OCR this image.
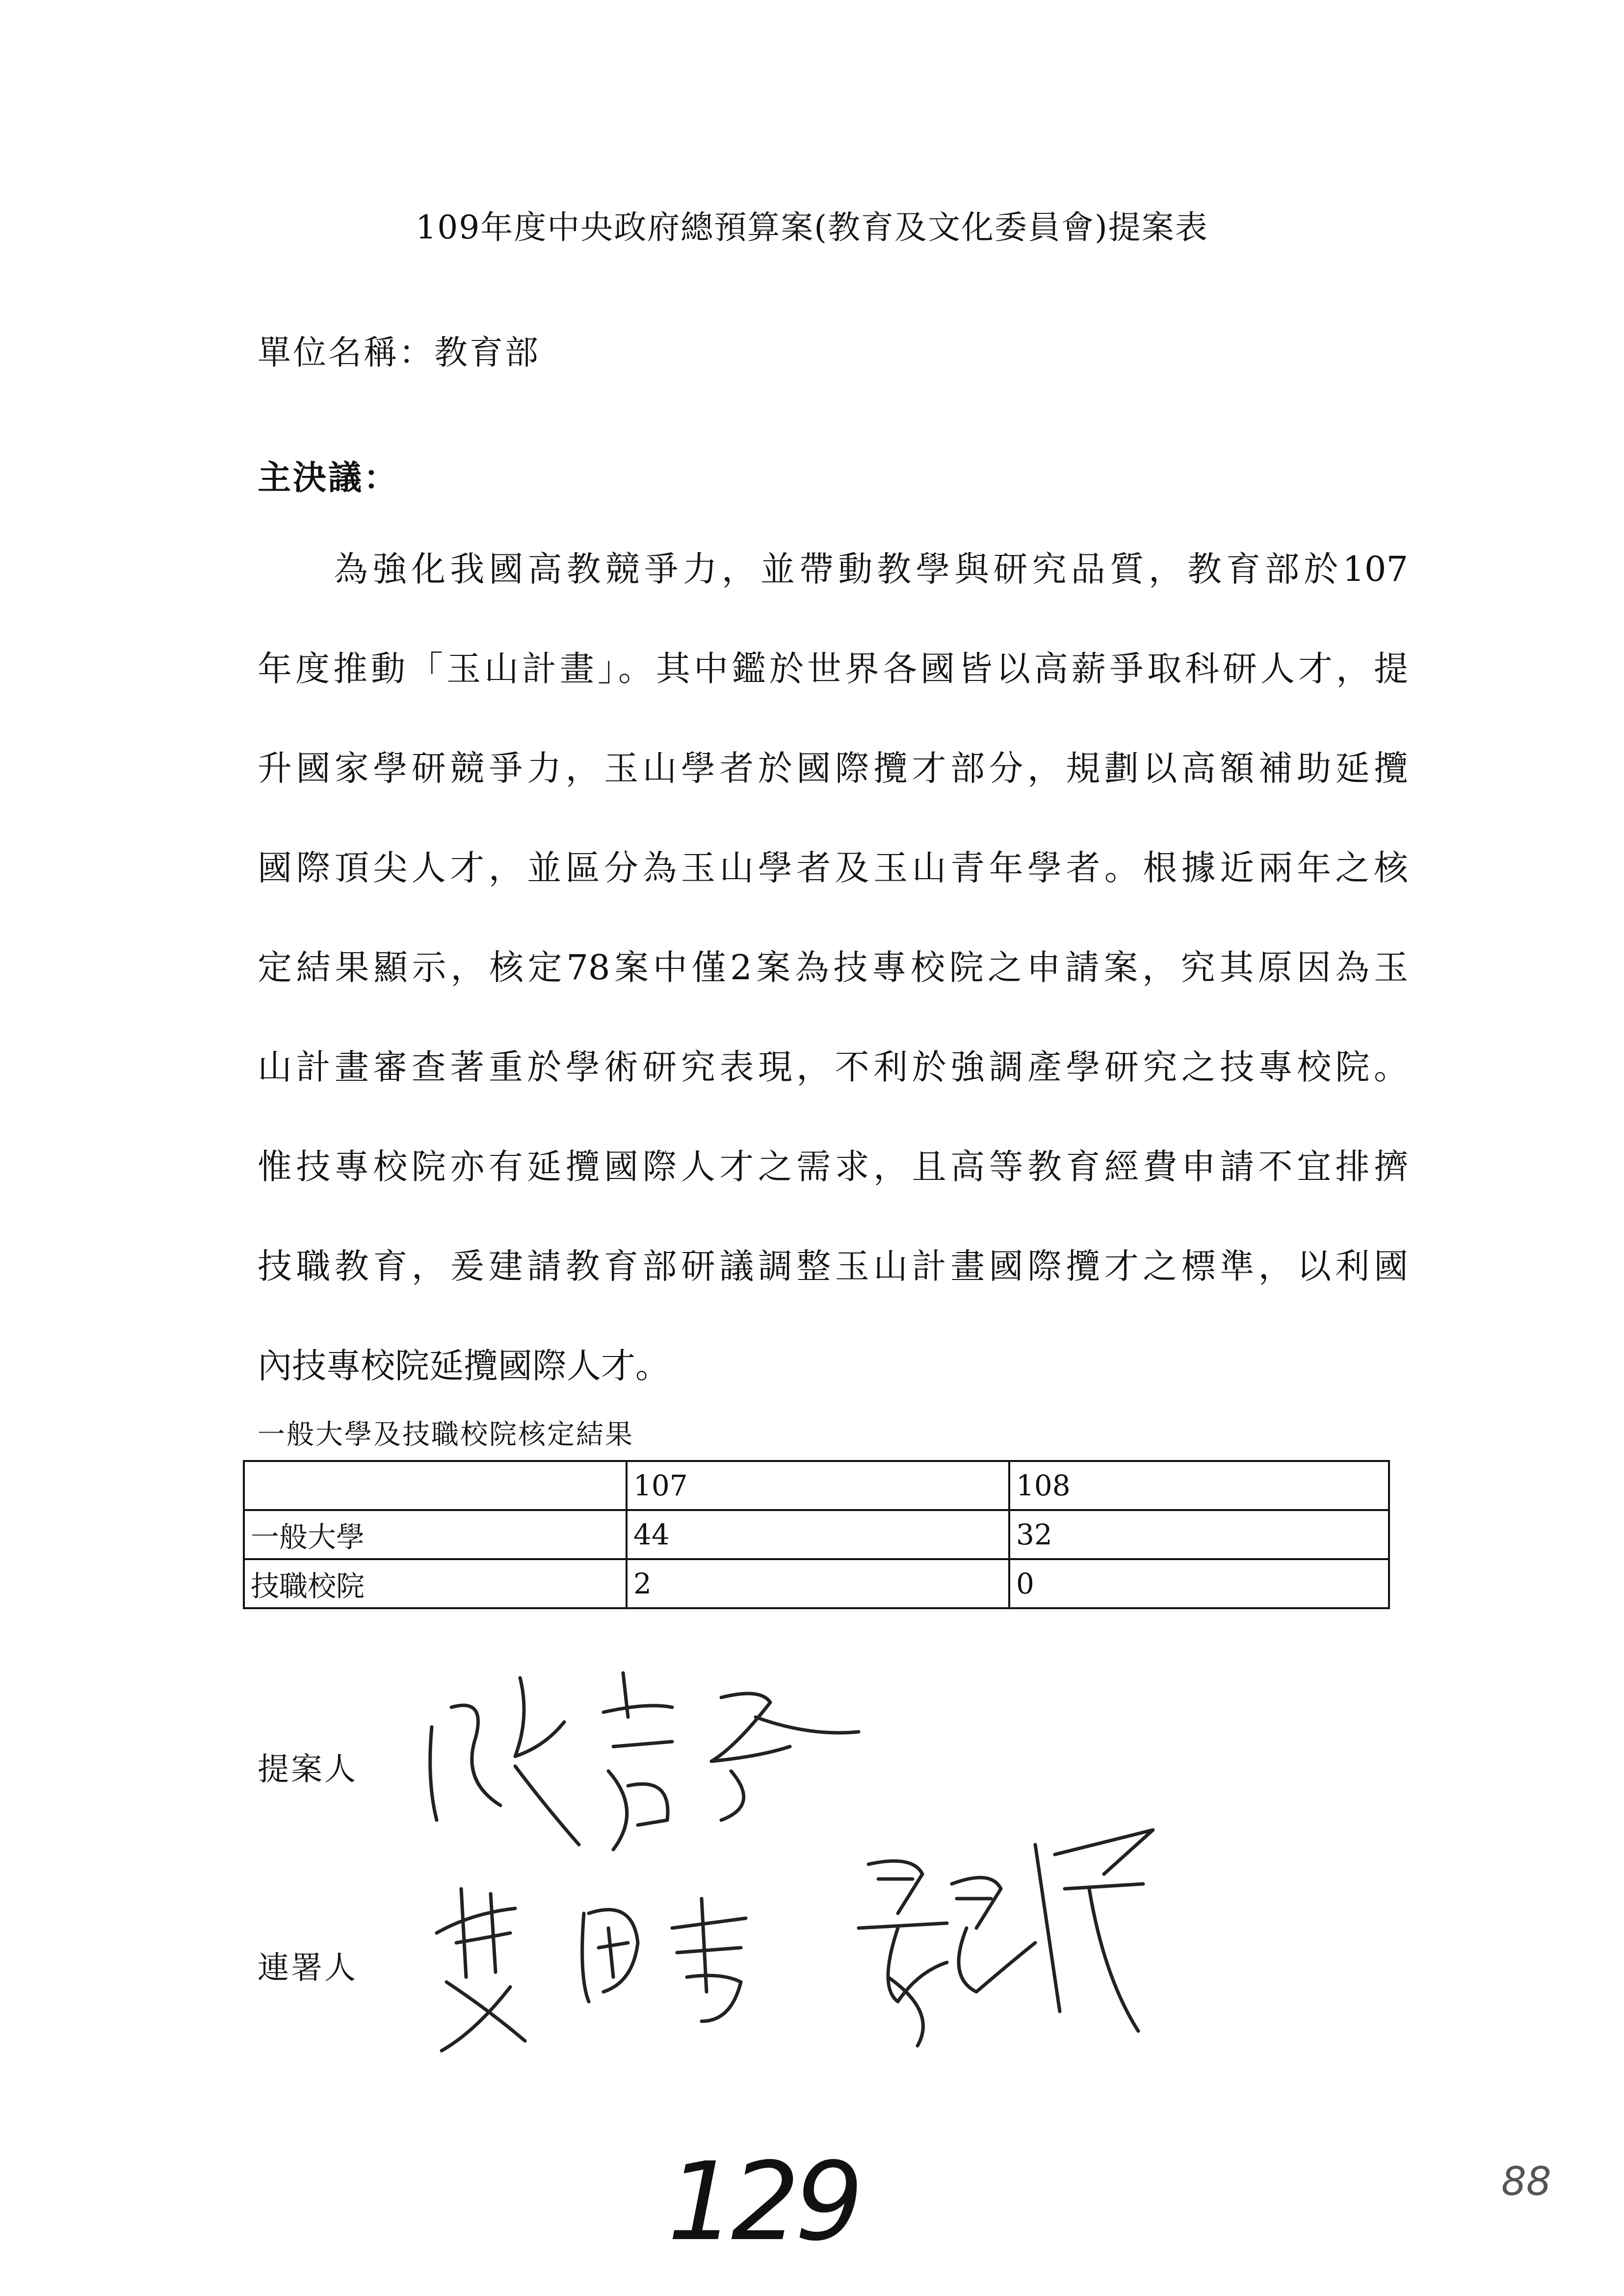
109年度中央政府總預算案(教育及文化委員會)提案表
單位名稱：教育部
主決議：
為強化我國高教競爭力，並帶動教學與研究品質，教育部於107
年度推動「玉山計畫」。其中鑑於世界各國皆以高薪爭取科研人才，提
升國家學研競爭力，玉山學者於國際攬才部分，規劃以高額補助延攬
國際頂尖人才，並區分為玉山學者及玉山青年學者。根據近兩年之核
定結果顯示，核定78案中僅2案為技專校院之申請案，究其原因為玉
山計畫審查著重於學術研究表現，不利於強調產學研究之技專校院。
惟技專校院亦有延攬國際人才之需求，且高等教育經費申請不宜排擠
技職教育，爰建請教育部研議調整玉山計畫國際攬才之標準，以利國
內技專校院延攬國際人才。
一般大學及技職校院核定結果
	107	108
一般大學	44	32
技職校院	2	0
提案人
連署人
129	88
